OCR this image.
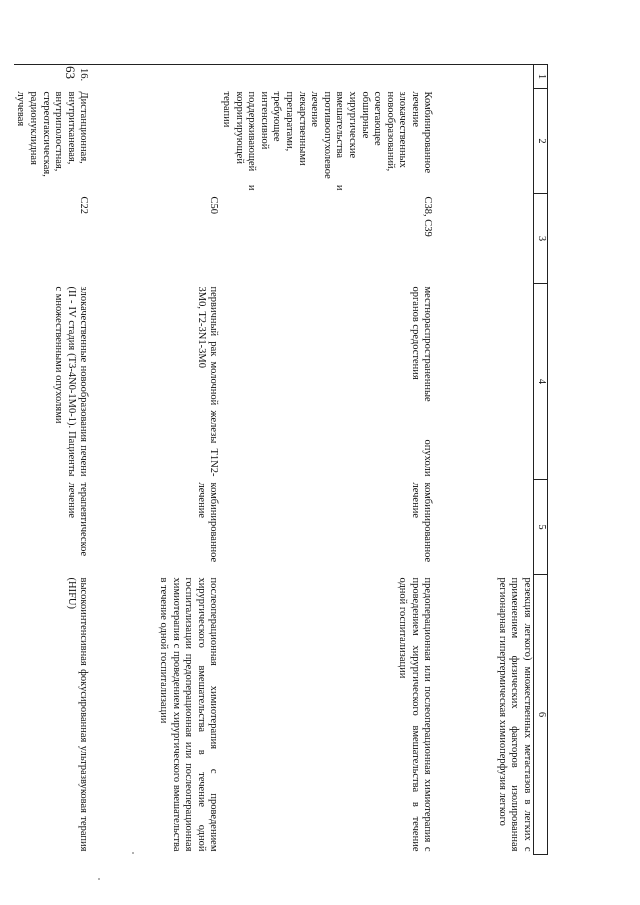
63	1	2	3	4	5	6
					резекция легкого) множественных метастазов в легких с применением физических факторов изолированная регионарная гипертермическая химиоперфузия легкого
	Комбинированное лечение злокачественных новообразований, сочетающее обширные хирургические вмешательства и противоопухолевое лечение лекарственными препаратами, требующее интенсивной поддерживающей и корригирующей терапии	C38, C39	местнораспространенные опухоли органов средостения	комбинированное лечение	предоперационная или послеоперационная химиотерапия с проведением хирургического вмешательства в течение одной госпитализации
		C50	первичный рак молочной железы T1N2-3M0, T2-3N1-3M0	комбинированное лечение	послеоперационная химиотерапия с проведением хирургического вмешательства в течение одной госпитализации предоперационная или послеоперационная химиотерапия с проведением хирургического вмешательства в течение одной госпитализации
16.	Дистанционная, внутритканевая, внутриполостная, стереотаксическая, радионуклидная лучевая	C22	злокачественные новообразования печени (II - IV стадия (T3-4N0-1M0-1). Пациенты с множественными опухолями	терапевтическое лечение	высокоинтенсивная фокусированная ультразвуковая терапия (HIFU)
